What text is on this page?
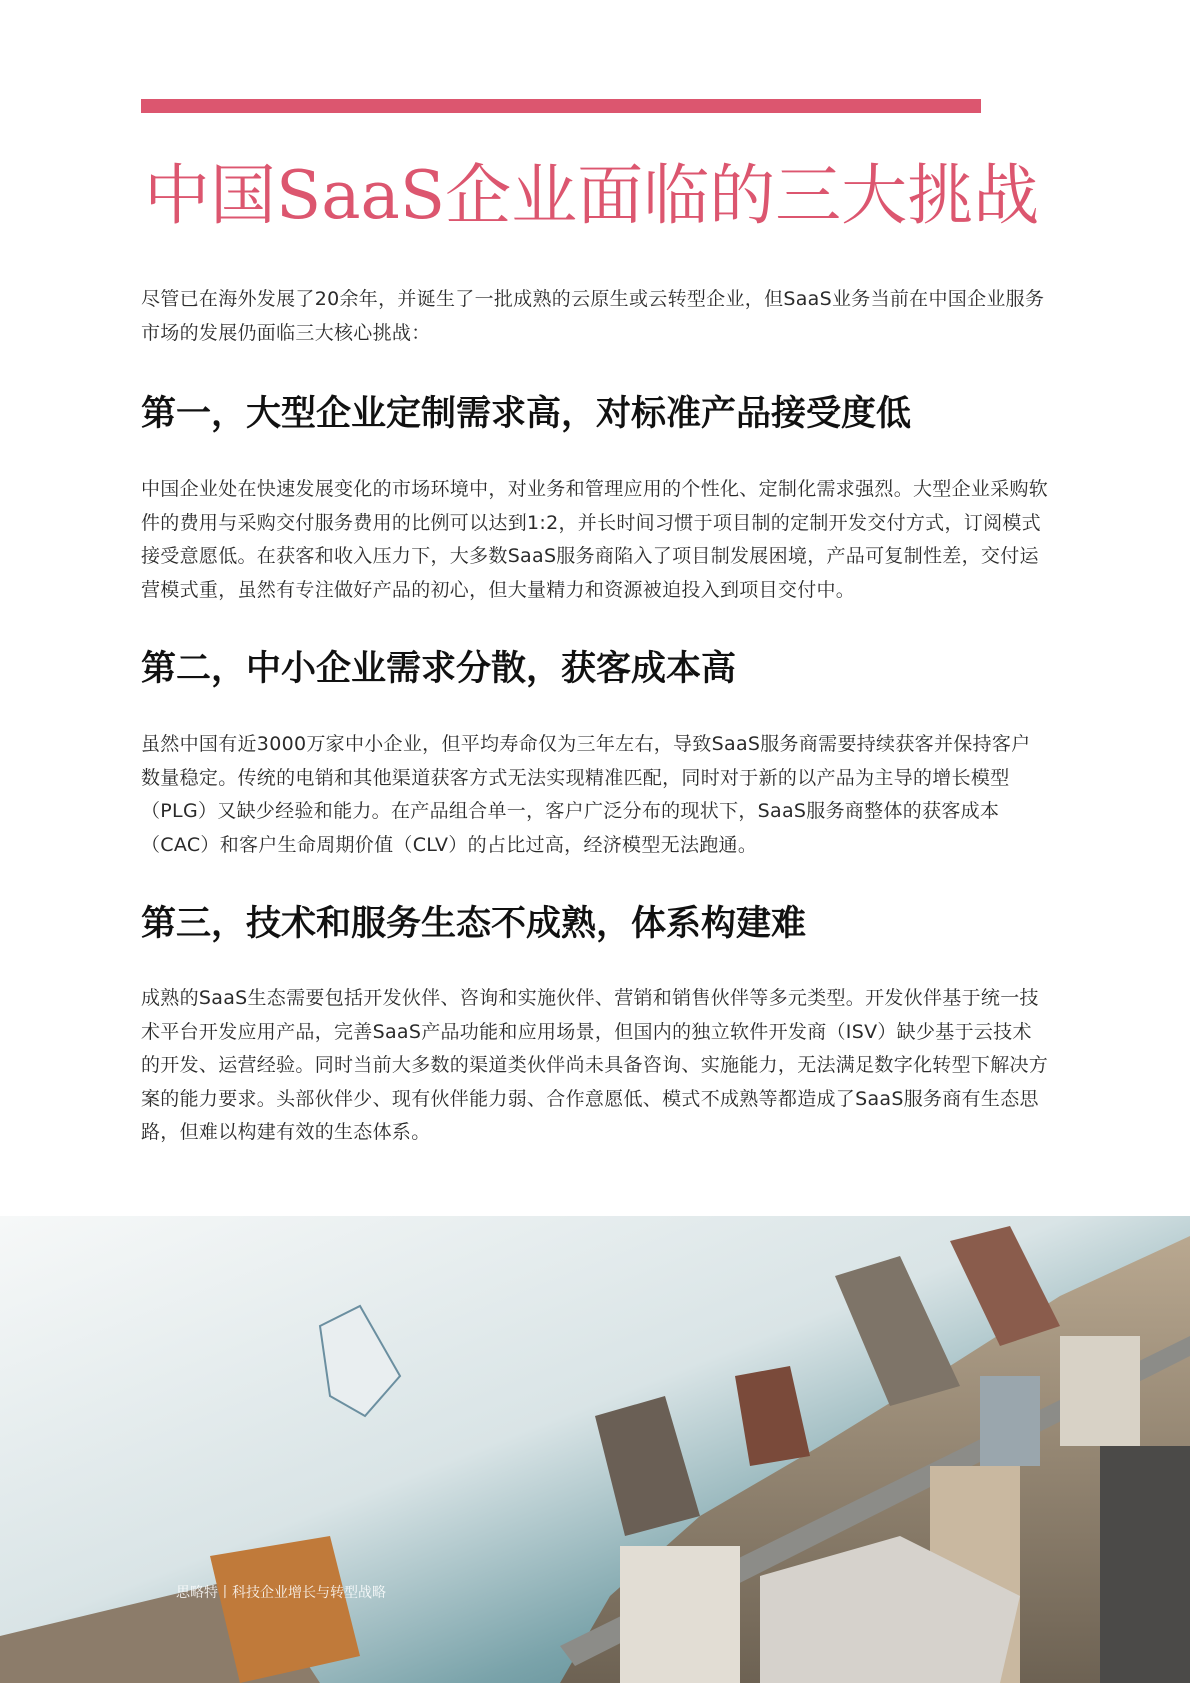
中国SaaS企业面临的三大挑战

尽管已在海外发展了20余年，并诞生了一批成熟的云原生或云转型企业，但SaaS业务当前在中国企业服务市场的发展仍面临三大核心挑战：

第一，大型企业定制需求高，对标准产品接受度低

中国企业处在快速发展变化的市场环境中，对业务和管理应用的个性化、定制化需求强烈。大型企业采购软件的费用与采购交付服务费用的比例可以达到1:2，并长时间习惯于项目制的定制开发交付方式，订阅模式接受意愿低。在获客和收入压力下，大多数SaaS服务商陷入了项目制发展困境，产品可复制性差，交付运营模式重，虽然有专注做好产品的初心，但大量精力和资源被迫投入到项目交付中。

第二，中小企业需求分散，获客成本高

虽然中国有近3000万家中小企业，但平均寿命仅为三年左右，导致SaaS服务商需要持续获客并保持客户数量稳定。传统的电销和其他渠道获客方式无法实现精准匹配，同时对于新的以产品为主导的增长模型（PLG）又缺少经验和能力。在产品组合单一，客户广泛分布的现状下，SaaS服务商整体的获客成本（CAC）和客户生命周期价值（CLV）的占比过高，经济模型无法跑通。

第三，技术和服务生态不成熟，体系构建难

成熟的SaaS生态需要包括开发伙伴、咨询和实施伙伴、营销和销售伙伴等多元类型。开发伙伴基于统一技术平台开发应用产品，完善SaaS产品功能和应用场景，但国内的独立软件开发商（ISV）缺少基于云技术的开发、运营经验。同时当前大多数的渠道类伙伴尚未具备咨询、实施能力，无法满足数字化转型下解决方案的能力要求。头部伙伴少、现有伙伴能力弱、合作意愿低、模式不成熟等都造成了SaaS服务商有生态思路，但难以构建有效的生态体系。

思略特丨科技企业增长与转型战略
